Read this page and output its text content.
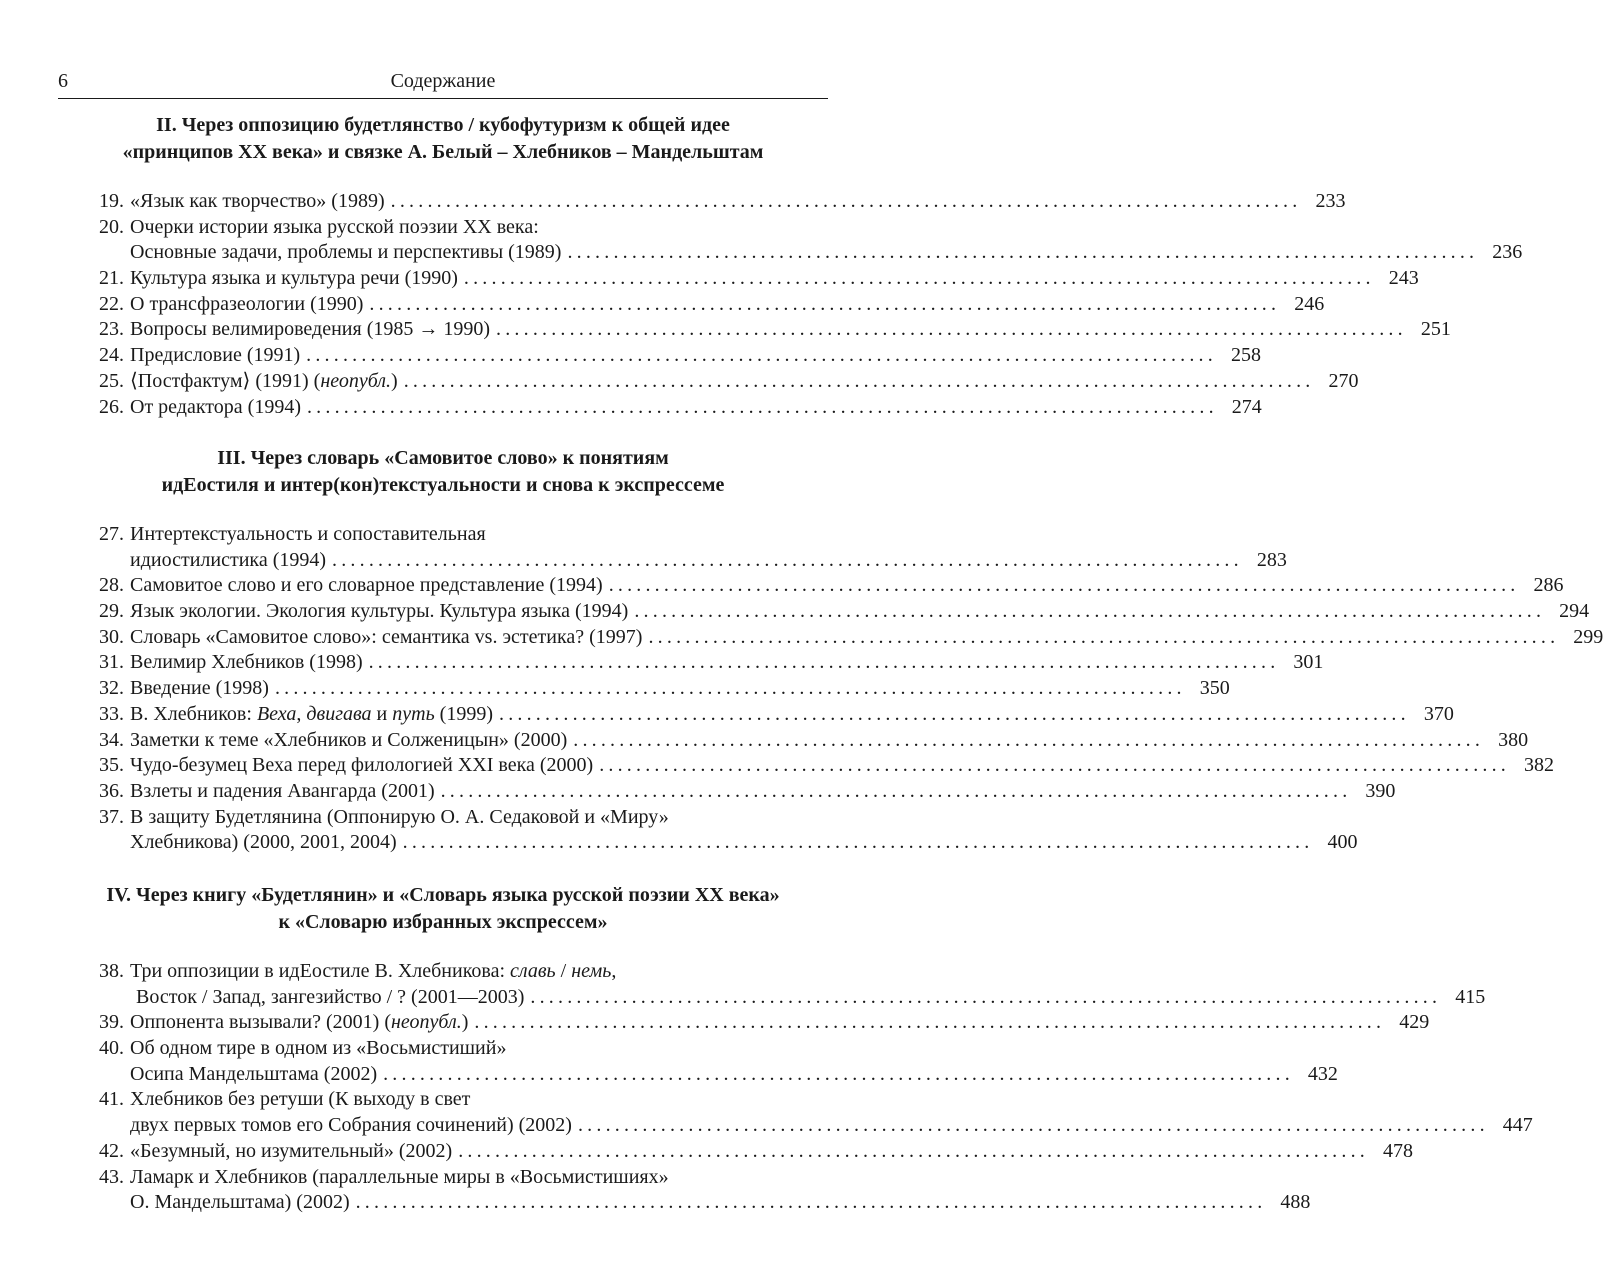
6	Содержание
II. Через оппозицию будетлянство / кубофутуризм к общей идее
«принципов XX века» и связке А. Белый – Хлебников – Мандельштам
19. «Язык как творчество» (1989) ................................................................................................... 233
20. Очерки истории языка русской поэзии XX века:
Основные задачи, проблемы и перспективы (1989) ................................................................................................... 236
21. Культура языка и культура речи (1990) ................................................................................................... 243
22. О трансфразеологии (1990) ................................................................................................... 246
23. Вопросы велимироведения (1985 → 1990) ................................................................................................... 251
24. Предисловие (1991) ................................................................................................... 258
25. ⟨Постфактум⟩ (1991) (неопубл.) ................................................................................................... 270
26. От редактора (1994) ................................................................................................... 274
III. Через словарь «Самовитое слово» к понятиям
идЕостиля и интер(кон)текстуальности и снова к экспрессеме
27. Интертекстуальность и сопоставительная
идиостилистика (1994) ................................................................................................... 283
28. Самовитое слово и его словарное представление (1994) ................................................................................................... 286
29. Язык экологии. Экология культуры. Культура языка (1994) ................................................................................................... 294
30. Словарь «Самовитое слово»: семантика vs. эстетика? (1997) ................................................................................................... 299
31. Велимир Хлебников (1998) ................................................................................................... 301
32. Введение (1998) ................................................................................................... 350
33. В. Хлебников: Веха, двигава и путь (1999) ................................................................................................... 370
34. Заметки к теме «Хлебников и Солженицын» (2000) ................................................................................................... 380
35. Чудо-безумец Веха перед филологией XXI века (2000) ................................................................................................... 382
36. Взлеты и падения Авангарда (2001) ................................................................................................... 390
37. В защиту Будетлянина (Оппонирую О. А. Седаковой и «Миру»
Хлебникова) (2000, 2001, 2004) ................................................................................................... 400
IV. Через книгу «Будетлянин» и «Словарь языка русской поэзии XX века»
к «Словарю избранных экспрессем»
38. Три оппозиции в идЕостиле В. Хлебникова: славь / немь,
Восток / Запад, зангезийство / ? (2001—2003) ................................................................................................... 415
39. Оппонента вызывали? (2001) (неопубл.) ................................................................................................... 429
40. Об одном тире в одном из «Восьмистиший»
Осипа Мандельштама (2002) ................................................................................................... 432
41. Хлебников без ретуши (К выходу в свет
двух первых томов его Собрания сочинений) (2002) ................................................................................................... 447
42. «Безумный, но изумительный» (2002) ................................................................................................... 478
43. Ламарк и Хлебников (параллельные миры в «Восьмистишиях»
О. Мандельштама) (2002) ................................................................................................... 488
